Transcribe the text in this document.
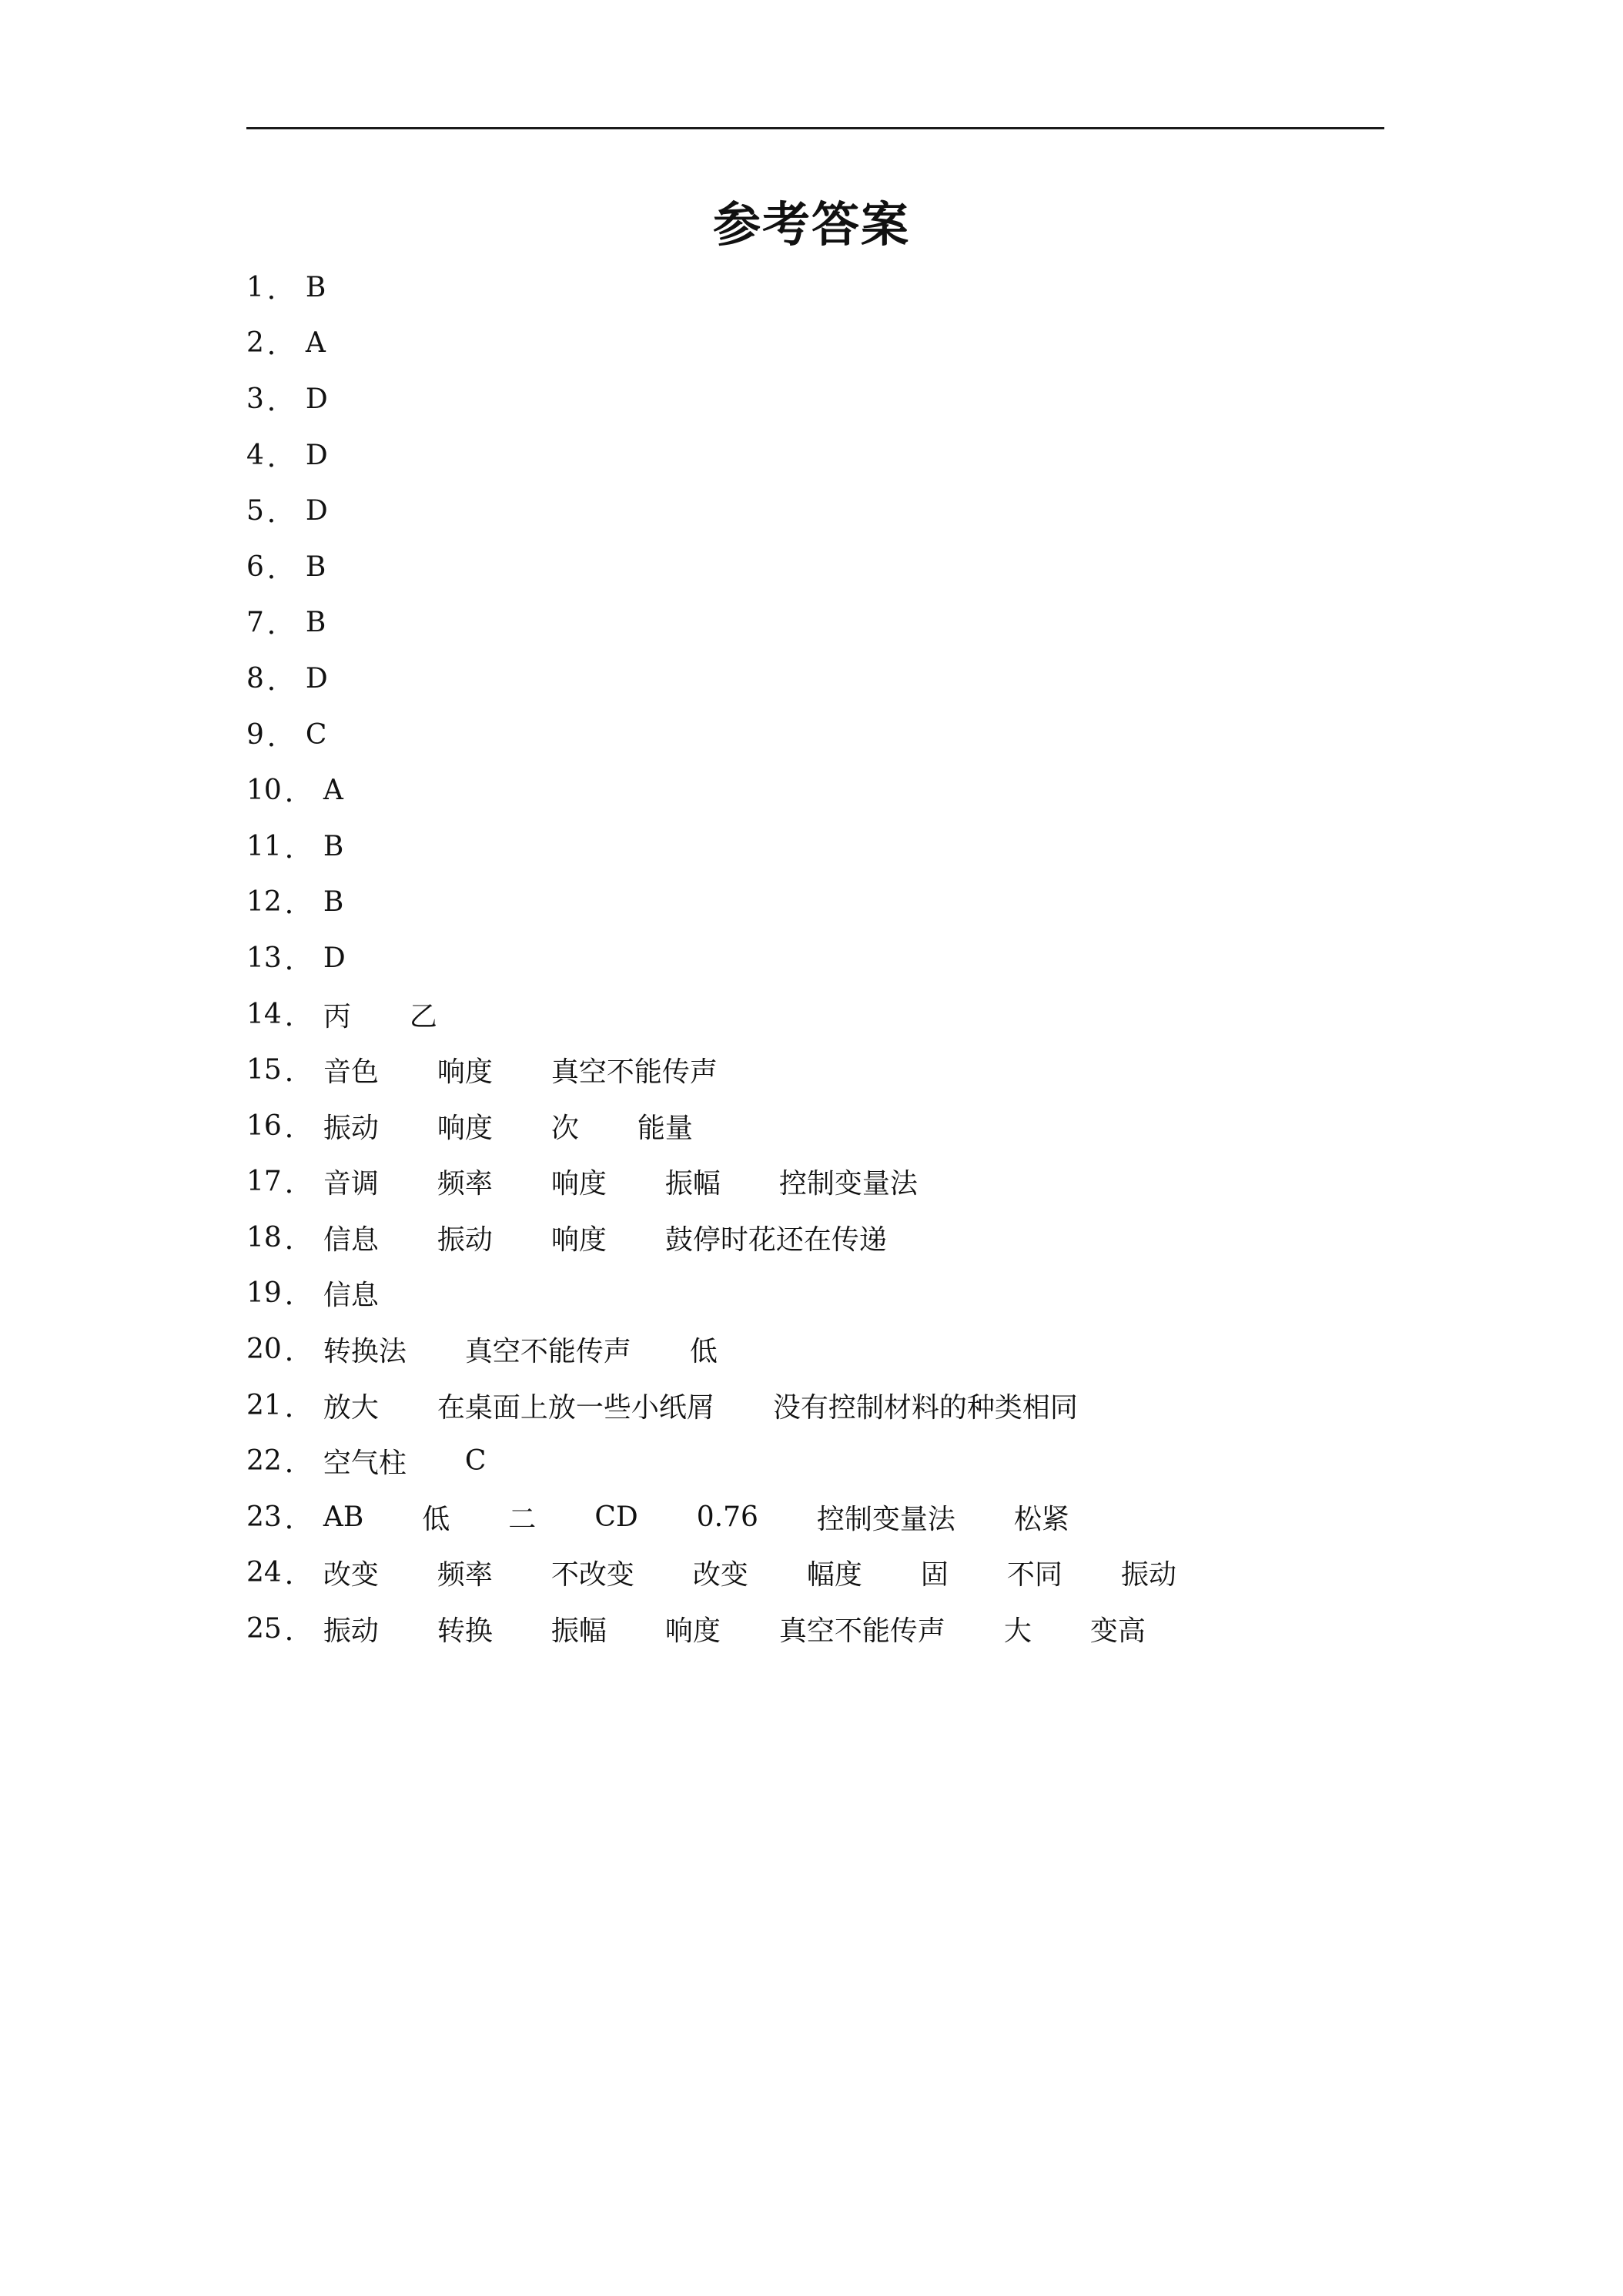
参考答案
1 ． B
2 ． A
3 ． D
4 ． D
5 ． D
6 ． B
7 ． B
8 ． D
9 ． C
10 ． A
11 ． B
12 ． B
13 ． D
14 ． 丙 乙
15 ． 音色 响度 真空不能传声
16 ． 振动 响度 次 能量
17 ． 音调 频率 响度 振幅 控制变量法
18 ． 信息 振动 响度 鼓停时花还在传递
19 ． 信息
20 ． 转换法 真空不能传声 低
21 ． 放大 在桌面上放一些小纸屑 没有控制材料的种类相同
22 ． 空气柱 C
23 ． AB 低 二 CD 0.76 控制变量法 松紧
24 ． 改变 频率 不改变 改变 幅度 固 不同 振动
25 ． 振动 转换 振幅 响度 真空不能传声 大 变高
